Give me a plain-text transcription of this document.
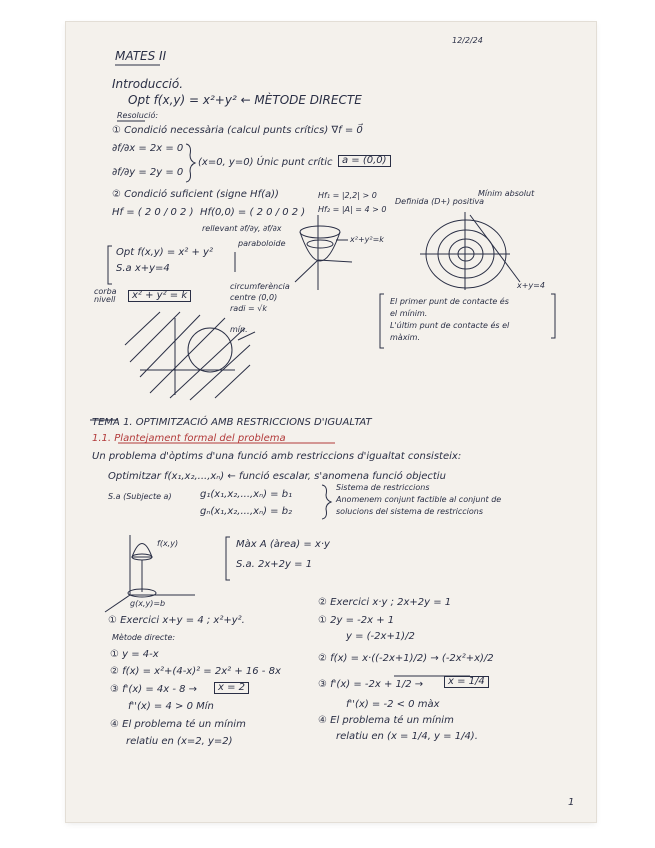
MATES II
12/2/24
Introducció.
Opt f(x,y) = x²+y² ← MÈTODE DIRECTE
Resolució:
① Condició necessària (calcul punts crítics) ∇f = 0⃗
∂f/∂x = 2x = 0
∂f/∂y = 2y = 0
(x=0, y=0) Únic punt crític a = (0,0)
② Condició suficient (signe Hf(a))
Hf = ( 2 0 / 0 2 ) Hf(0,0) = ( 2 0 / 0 2 )
rellevant ∂f/∂y, ∂f/∂x
Hf₁ = |2,2| > 0
Hf₂ = |A| = 4 > 0
Definida (D+) positiva
Mínim absolut
Opt f(x,y) = x² + y²
paraboloide
S.a x+y=4
x²+y²=k
x+y=4
corba nivell	x² + y² = k
circumferència
centre (0,0)
radi = √k
mín.
El primer punt de contacte és
el mínim.
L'últim punt de contacte és el
màxim.
TEMA 1. OPTIMITZACIÓ AMB RESTRICCIONS D'IGUALTAT
1.1. Plantejament formal del problema
Un problema d'òptims d'una funció amb restriccions d'igualtat consisteix:
Optimitzar f(x₁,x₂,...,xₙ) ← funció escalar, s'anomena funció objectiu
S.a (Subjecte a)	g₁(x₁,x₂,...,xₙ) = b₁
gₙ(x₁,x₂,...,xₙ) = b₂
Sistema de restriccions
Anomenem conjunt factible al conjunt de
solucions del sistema de restriccions
f(x,y)
g(x,y)=b
Màx A (àrea) = x·y
S.a. 2x+2y = 1
① Exercici x+y = 4 ; x²+y².
Mètode directe:
① y = 4-x
② f(x) = x²+(4-x)² = 2x² + 16 - 8x
③ f'(x) = 4x - 8 →	x = 2
f''(x) = 4 > 0 Mín
④ El problema té un mínim
relatiu en (x=2, y=2)
② Exercici x·y ; 2x+2y = 1
① 2y = -2x + 1
y = (-2x+1)/2
② f(x) = x·((-2x+1)/2) → (-2x²+x)/2
③ f'(x) = -2x + 1/2 →	x = 1/4
f''(x) = -2 < 0 màx
④ El problema té un mínim
relatiu en (x = 1/4, y = 1/4).
1
